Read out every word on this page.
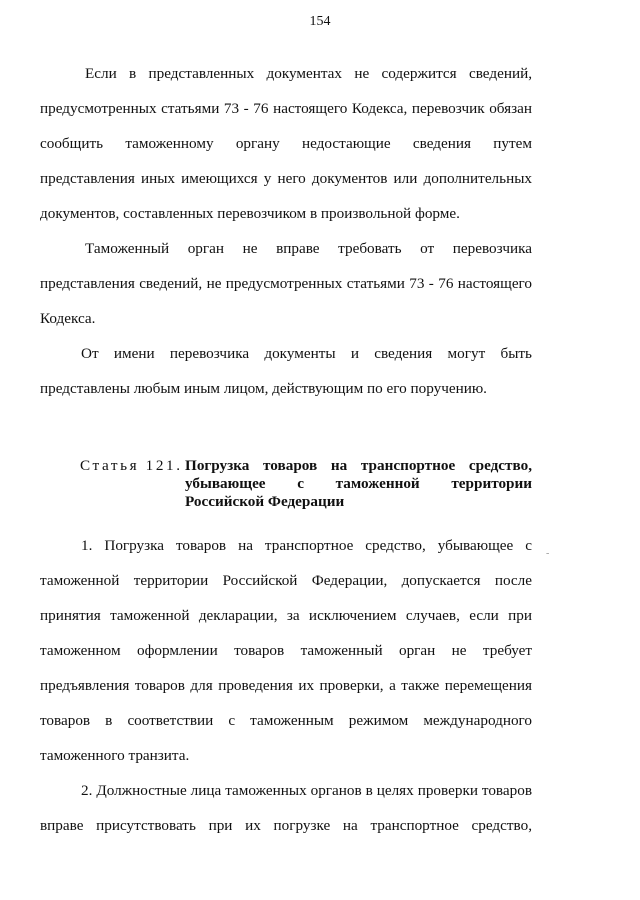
154
Если в представленных документах не содержится сведений,
предусмотренных статьями 73 - 76 настоящего Кодекса, перевозчик обязан
сообщить таможенному органу недостающие сведения путем
представления иных имеющихся у него документов или дополнительных
документов, составленных перевозчиком в произвольной форме.
Таможенный орган не вправе требовать от перевозчика
представления сведений, не предусмотренных статьями 73 - 76 настоящего
Кодекса.
От имени перевозчика документы и сведения могут быть
представлены любым иным лицом, действующим по его поручению.
Статья 121. Погрузка товаров на транспортное средство,
убывающее с таможенной территории
Российской Федерации
1. Погрузка товаров на транспортное средство, убывающее с
таможенной территории Российской Федерации, допускается после
принятия таможенной декларации, за исключением случаев, если при
таможенном оформлении товаров таможенный орган не требует
предъявления товаров для проведения их проверки, а также перемещения
товаров в соответствии с таможенным режимом международного
таможенного транзита.
2. Должностные лица таможенных органов в целях проверки товаров
вправе присутствовать при их погрузке на транспортное средство,
-
